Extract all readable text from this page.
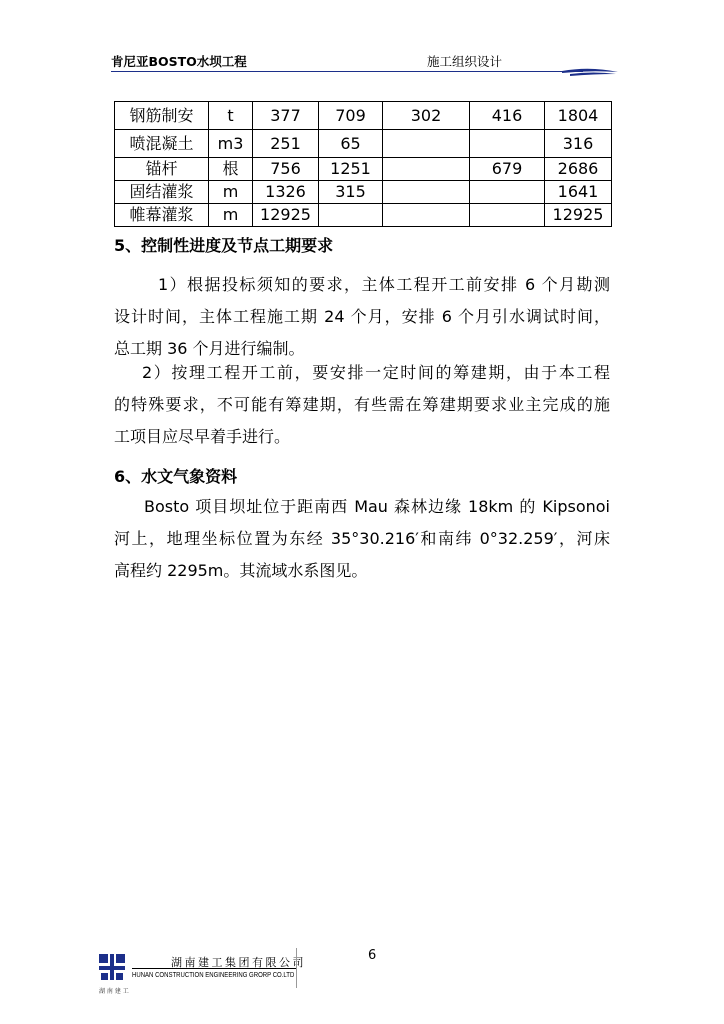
肯尼亚BOSTO水坝工程	施工组织设计
钢筋制安	t	377	709	302	416	1804
喷混凝土	m3	251	65			316
锚杆	根	756	1251		679	2686
固结灌浆	m	1326	315			1641
帷幕灌浆	m	12925				12925
5、控制性进度及节点工期要求
1）根据投标须知的要求，主体工程开工前安排 6 个月勘测
设计时间，主体工程施工期 24 个月，安排 6 个月引水调试时间，
总工期 36 个月进行编制。
2）按理工程开工前，要安排一定时间的筹建期，由于本工程
的特殊要求，不可能有筹建期，有些需在筹建期要求业主完成的施
工项目应尽早着手进行。
6、水文气象资料
Bosto 项目坝址位于距南西 Mau 森林边缘 18km 的 Kipsonoi
河上，地理坐标位置为东经 35°30.216′和南纬 0°32.259′，河床
高程约 2295m。其流域水系图见。
6
湖南建工集团有限公司
HUNAN CONSTRUCTION ENGINEERING GRORP CO.LTD
湖 南 建 工
